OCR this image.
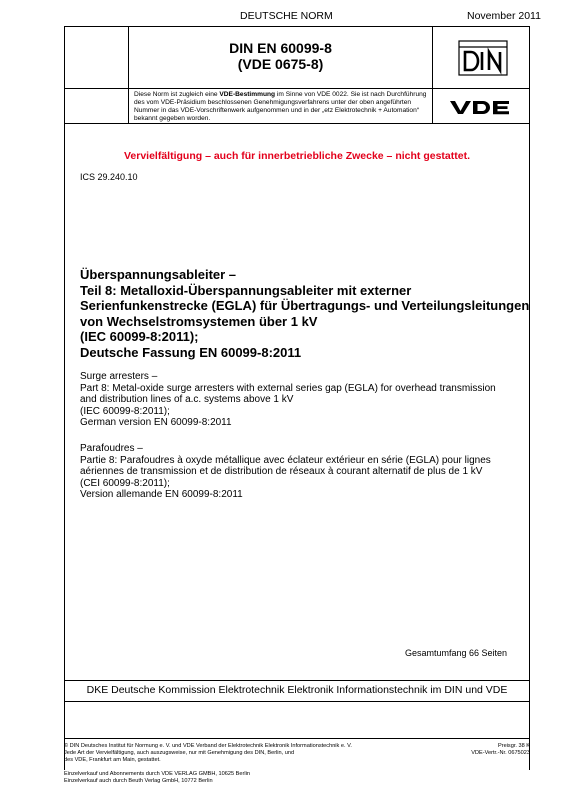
DEUTSCHE NORM	November 2011
DIN EN 60099-8
(VDE 0675-8)
Diese Norm ist zugleich eine VDE-Bestimmung im Sinne von VDE 0022. Sie ist nach Durchführung des vom VDE-Präsidium beschlossenen Genehmigungsverfahrens unter der oben angeführten Nummer in das VDE-Vorschriftenwerk aufgenommen und in der „etz Elektrotechnik + Automation“ bekannt gegeben worden.
Vervielfältigung – auch für innerbetriebliche Zwecke – nicht gestattet.
ICS 29.240.10
Überspannungsableiter –
Teil 8: Metalloxid-Überspannungsableiter mit externer
Serienfunkenstrecke (EGLA) für Übertragungs- und Verteilungsleitungen
von Wechselstromsystemen über 1 kV
(IEC 60099-8:2011);
Deutsche Fassung EN 60099-8:2011
Surge arresters –
Part 8: Metal-oxide surge arresters with external series gap (EGLA) for overhead transmission
and distribution lines of a.c. systems above 1 kV
(IEC 60099-8:2011);
German version EN 60099-8:2011
Parafoudres –
Partie 8: Parafoudres à oxyde métallique avec éclateur extérieur en série (EGLA) pour lignes
aériennes de transmission et de distribution de réseaux à courant alternatif de plus de 1 kV
(CEI 60099-8:2011);
Version allemande EN 60099-8:2011
Gesamtumfang 66 Seiten
DKE Deutsche Kommission Elektrotechnik Elektronik Informationstechnik im DIN und VDE
© DIN Deutsches Institut für Normung e. V. und VDE Verband der Elektrotechnik Elektronik Informationstechnik e. V.
Jede Art der Vervielfältigung, auch auszugsweise, nur mit Genehmigung des DIN, Berlin, und
des VDE, Frankfurt am Main, gestattet.
Preisgr. 38 K
VDE-Vertr.-Nr. 0675023
Einzelverkauf und Abonnements durch VDE VERLAG GMBH, 10625 Berlin
Einzelverkauf auch durch Beuth Verlag GmbH, 10772 Berlin
